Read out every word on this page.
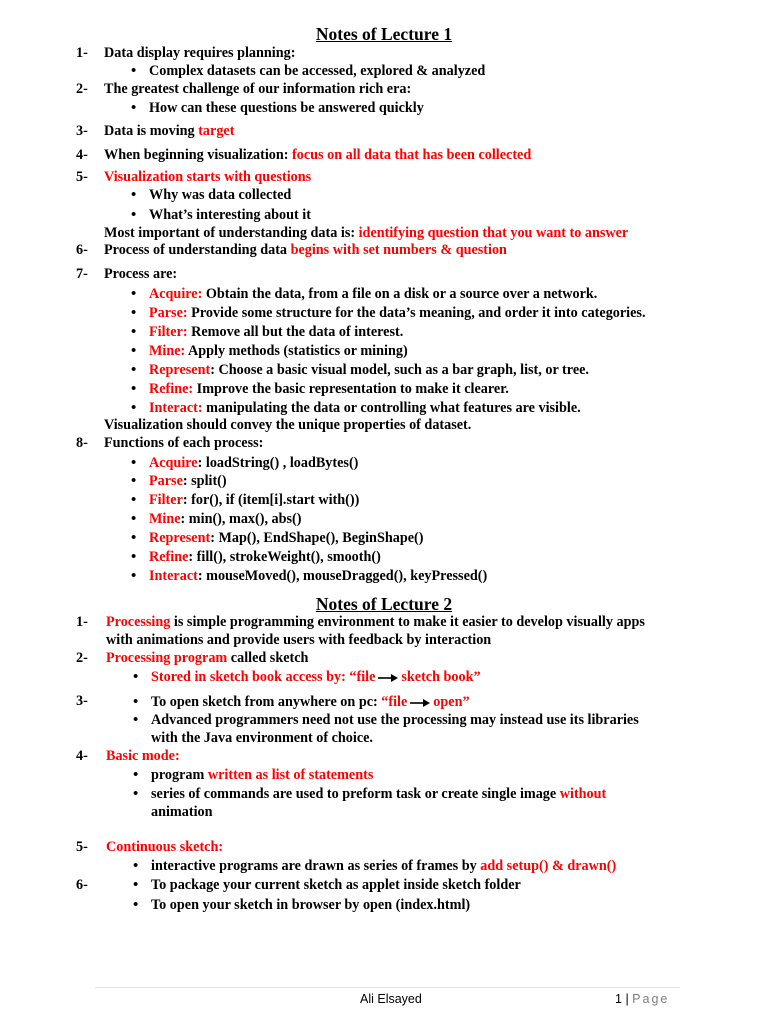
Notes of Lecture 1
1- Data display requires planning:
• Complex datasets can be accessed, explored & analyzed
2- The greatest challenge of our information rich era:
• How can these questions be answered quickly
3- Data is moving target
4- When beginning visualization: focus on all data that has been collected
5- Visualization starts with questions
• Why was data collected
• What’s interesting about it
Most important of understanding data is: identifying question that you want to answer
6- Process of understanding data begins with set numbers & question
7- Process are:
• Acquire: Obtain the data, from a file on a disk or a source over a network.
• Parse: Provide some structure for the data’s meaning, and order it into categories.
• Filter: Remove all but the data of interest.
• Mine: Apply methods (statistics or mining)
• Represent: Choose a basic visual model, such as a bar graph, list, or tree.
• Refine: Improve the basic representation to make it clearer.
• Interact: manipulating the data or controlling what features are visible.
Visualization should convey the unique properties of dataset.
8- Functions of each process:
• Acquire: loadString() , loadBytes()
• Parse: split()
• Filter: for(), if (item[i].start with())
• Mine: min(), max(), abs()
• Represent: Map(), EndShape(), BeginShape()
• Refine: fill(), strokeWeight(), smooth()
• Interact: mouseMoved(), mouseDragged(), keyPressed()
Notes of Lecture 2
1- Processing is simple programming environment to make it easier to develop visually apps
with animations and provide users with feedback by interaction
2- Processing program called sketch
• Stored in sketch book access by: “file sketch book”
3-	• To open sketch from anywhere on pc: “file open”
• Advanced programmers need not use the processing may instead use its libraries
with the Java environment of choice.
4- Basic mode:
• program written as list of statements
• series of commands are used to preform task or create single image without
animation
5- Continuous sketch:
• interactive programs are drawn as series of frames by add setup() & drawn()
6-	• To package your current sketch as applet inside sketch folder
• To open your sketch in browser by open (index.html)
Ali Elsayed	1 | Page
